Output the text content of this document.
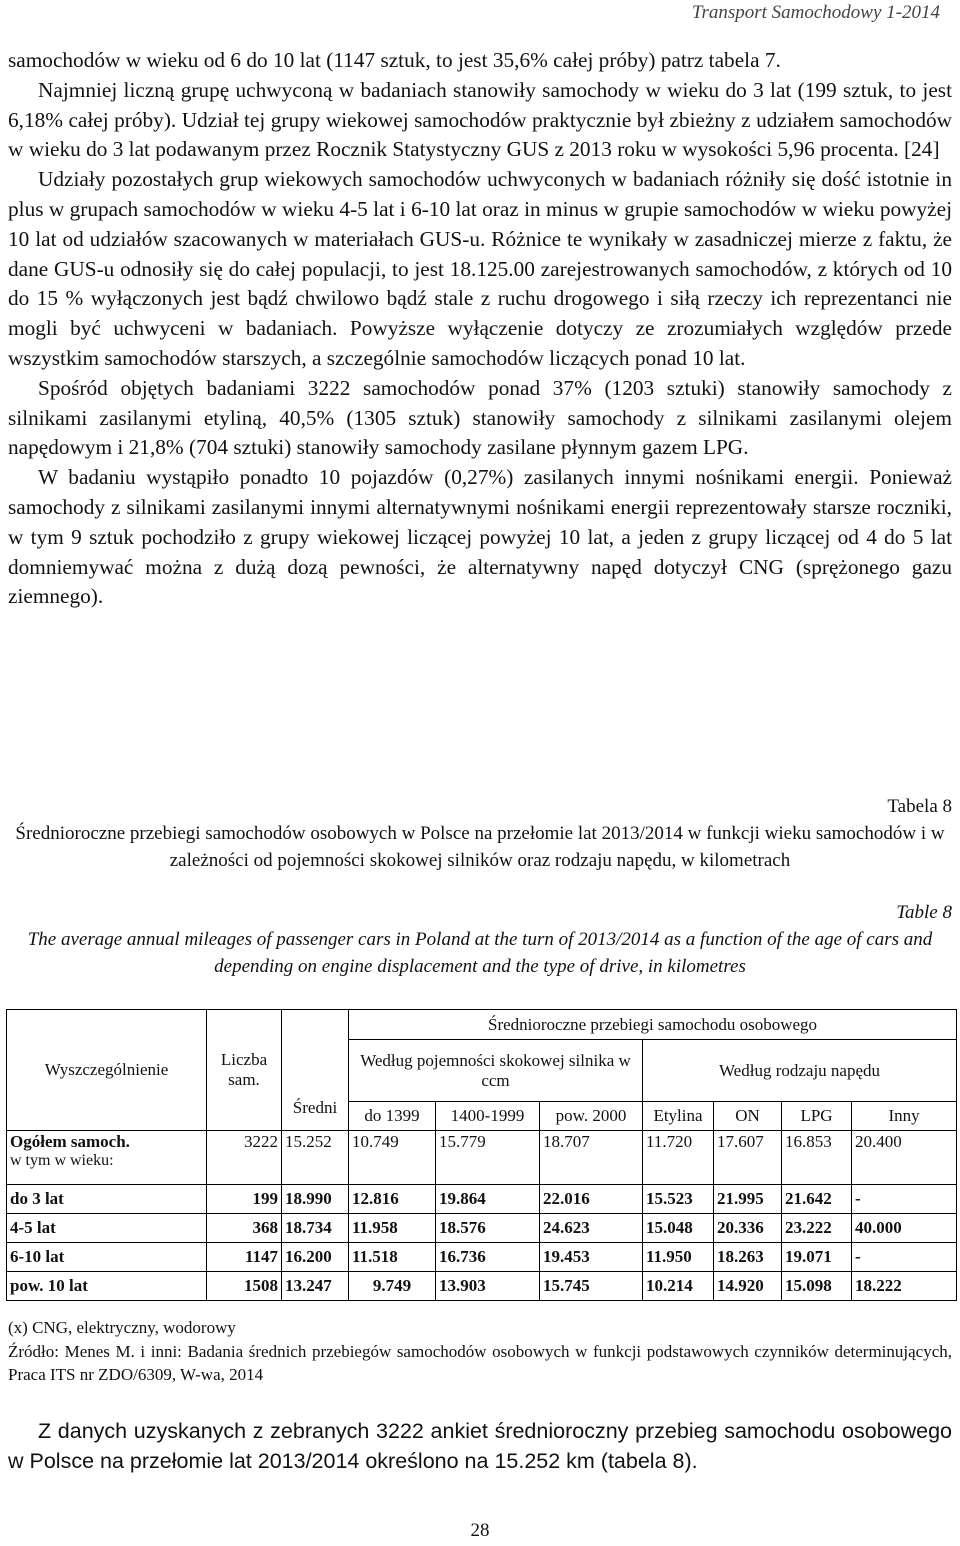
Transport Samochodowy 1-2014

samochodów w wieku od 6 do 10 lat (1147 sztuk, to jest 35,6% całej próby) patrz tabela 7.

Najmniej liczną grupę uchwyconą w badaniach stanowiły samochody w wieku do 3 lat (199 sztuk, to jest 6,18% całej próby). Udział tej grupy wiekowej samochodów praktycznie był zbieżny z udziałem samochodów w wieku do 3 lat podawanym przez Rocznik Statystyczny GUS z 2013 roku w wysokości 5,96 procenta. [24]

Udziały pozostałych grup wiekowych samochodów uchwyconych w badaniach różniły się dość istotnie in plus w grupach samochodów w wieku 4-5 lat i 6-10 lat oraz in minus w grupie samochodów w wieku powyżej 10 lat od udziałów szacowanych w materiałach GUS-u. Różnice te wynikały w zasadniczej mierze z faktu, że dane GUS-u odnosiły się do całej populacji, to jest 18.125.00 zarejestrowanych samochodów, z których od 10 do 15 % wyłączonych jest bądź chwilowo bądź stale z ruchu drogowego i siłą rzeczy ich reprezentanci nie mogli być uchwyceni w badaniach. Powyższe wyłączenie dotyczy ze zrozumiałych względów przede wszystkim samochodów starszych, a szczególnie samochodów liczących ponad 10 lat.

Spośród objętych badaniami 3222 samochodów ponad 37% (1203 sztuki) stanowiły samochody z silnikami zasilanymi etyliną, 40,5% (1305 sztuk) stanowiły samochody z silnikami zasilanymi olejem napędowym i 21,8% (704 sztuki) stanowiły samochody zasilane płynnym gazem LPG.

W badaniu wystąpiło ponadto 10 pojazdów (0,27%) zasilanych innymi nośnikami energii. Ponieważ samochody z silnikami zasilanymi innymi alternatywnymi nośnikami energii reprezentowały starsze roczniki, w tym 9 sztuk pochodziło z grupy wiekowej liczącej powyżej 10 lat, a jeden z grupy liczącej od 4 do 5 lat domniemywać można z dużą dozą pewności, że alternatywny napęd dotyczył CNG (sprężonego gazu ziemnego).

Tabela 8
Średnioroczne przebiegi samochodów osobowych w Polsce na przełomie lat 2013/2014 w funkcji wieku samochodów i w zależności od pojemności skokowej silników oraz rodzaju napędu, w kilometrach
Table 8
The average annual mileages of passenger cars in Poland at the turn of 2013/2014 as a function of the age of cars and depending on engine displacement and the type of drive, in kilometres
Wyszczególnienie	Liczba sam.	Średni	Średnioroczne przebiegi samochodu osobowego						
			Według pojemności skokowej silnika w ccm			Według rodzaju napędu			
			do 1399	1400-1999	pow. 2000	Etylina	ON	LPG	Inny

Ogółem samoch.
w tym w wieku:	3222	15.252	10.749	15.779	18.707	11.720	17.607	16.853	20.400
do 3 lat	199	18.990	12.816	19.864	22.016	15.523	21.995	21.642	-
4-5 lat	368	18.734	11.958	18.576	24.623	15.048	20.336	23.222	40.000
6-10 lat	1147	16.200	11.518	16.736	19.453	11.950	18.263	19.071	-
pow. 10 lat	1508	13.247	9.749	13.903	15.745	10.214	14.920	15.098	18.222
(x) CNG, elektryczny, wodorowy
Źródło: Menes M. i inni: Badania średnich przebiegów samochodów osobowych w funkcji podstawowych czynników determinujących, Praca ITS nr ZDO/6309, W-wa, 2014

Z danych uzyskanych z zebranych 3222 ankiet średnioroczny przebieg samochodu osobowego w Polsce na przełomie lat 2013/2014 określono na 15.252 km (tabela 8).

28
